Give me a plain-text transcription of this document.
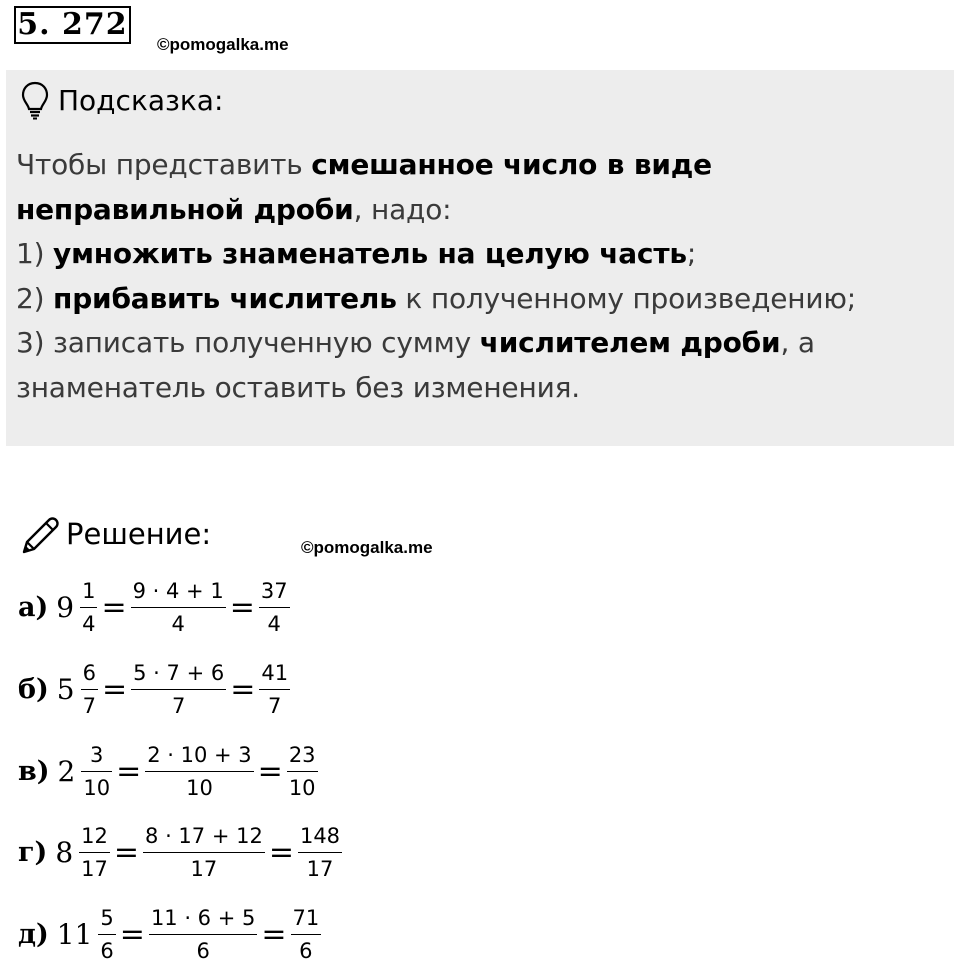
5. 272
©pomogalka.me
Подсказка:
Чтобы представить смешанное число в виде неправильной дроби, надо:
1) умножить знаменатель на целую часть;
2) прибавить числитель к полученному произведению;
3) записать полученную сумму числителем дроби, а знаменатель оставить без изменения.
Решение:	©pomogalka.me
а) $9 \frac{1}{4} = \frac{9 \cdot 4 + 1}{4} = \frac{37}{4}$
б) $5 \frac{6}{7} = \frac{5 \cdot 7 + 6}{7} = \frac{41}{7}$
в) $2 \frac{3}{10} = \frac{2 \cdot 10 + 3}{10} = \frac{23}{10}$
г) $8 \frac{12}{17} = \frac{8 \cdot 17 + 12}{17} = \frac{148}{17}$
д) $11 \frac{5}{6} = \frac{11 \cdot 6 + 5}{6} = \frac{71}{6}$
